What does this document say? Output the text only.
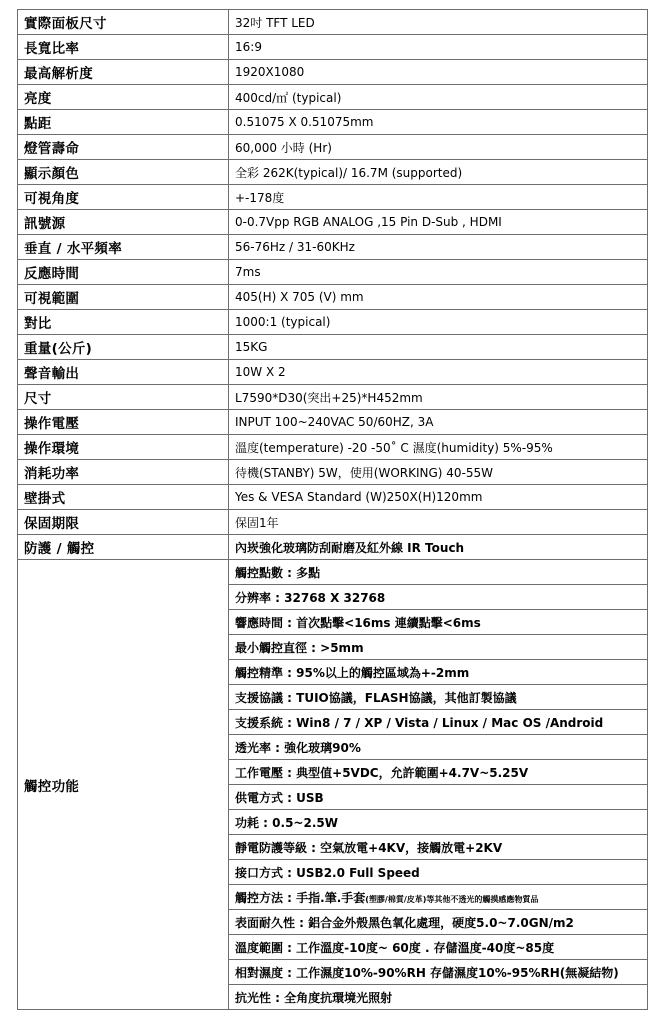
實際面板尺寸	32吋 TFT LED
長寬比率	16:9
最高解析度	1920X1080
亮度	400cd/㎡ (typical)
點距	0.51075 X 0.51075mm
燈管壽命	60,000 小時 (Hr)
顯示顏色	全彩 262K(typical)/ 16.7M (supported)
可視角度	+-178度
訊號源	0-0.7Vpp RGB ANALOG ,15 Pin D-Sub , HDMI
垂直 / 水平頻率	56-76Hz / 31-60KHz
反應時間	7ms
可視範圍	405(H) X 705 (V) mm
對比	1000:1 (typical)
重量(公斤)	15KG
聲音輸出	10W X 2
尺寸	L7590*D30(突出+25)*H452mm
操作電壓	INPUT 100~240VAC 50/60HZ, 3A
操作環境	溫度(temperature) -20 -50˚ C 濕度(humidity) 5%-95%
消耗功率	待機(STANBY) 5W，使用(WORKING) 40-55W
壁掛式	Yes & VESA Standard (W)250X(H)120mm
保固期限	保固1年
防護 / 觸控	內崁強化玻璃防刮耐磨及紅外線 IR Touch
觸控功能	觸控點數 : 多點
	分辨率 : 32768 X 32768
	響應時間 : 首次點擊<16ms 連續點擊<6ms
	最小觸控直徑 : >5mm
	觸控精準 : 95%以上的觸控區域為+-2mm
	支援協議 : TUIO協議，FLASH協議，其他訂製協議
	支援系統 : Win8 / 7 / XP / Vista / Linux / Mac OS /Android
	透光率 : 強化玻璃90%
	工作電壓 : 典型值+5VDC，允許範圍+4.7V~5.25V
	供電方式 : USB
	功耗 : 0.5~2.5W
	靜電防護等級 : 空氣放電+4KV，接觸放電+2KV
	接口方式 : USB2.0 Full Speed
	觸控方法 : 手指.筆.手套(塑膠/棉質/皮革)等其他不透光的觸摸感應物質品
	表面耐久性 : 鋁合金外殼黑色氧化處理，硬度5.0~7.0GN/m2
	溫度範圍 : 工作溫度-10度~ 60度 . 存儲溫度-40度~85度
	相對濕度 : 工作濕度10%-90%RH 存儲濕度10%-95%RH(無凝結物)
	抗光性 : 全角度抗環境光照射
